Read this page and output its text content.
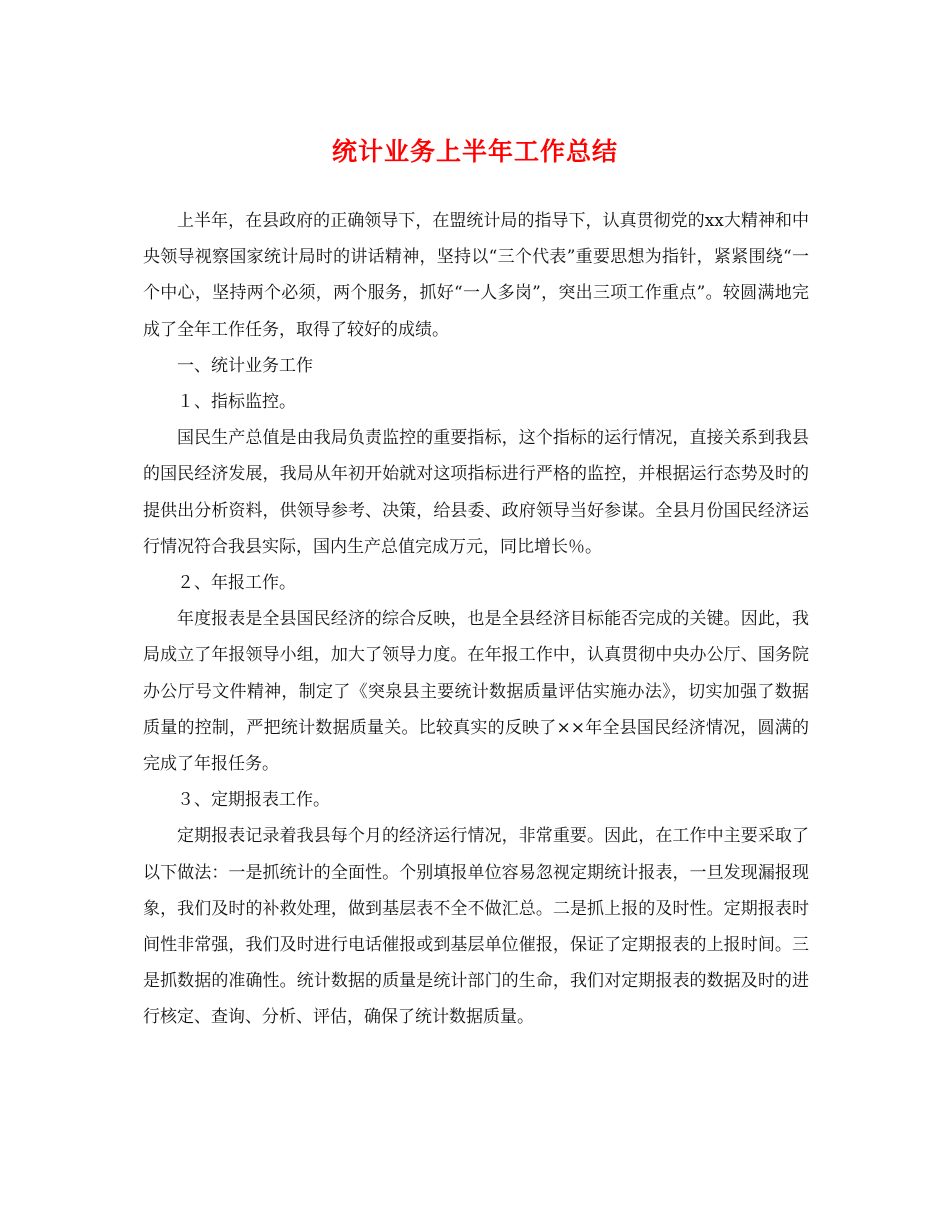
统计业务上半年工作总结

上半年，在县政府的正确领导下，在盟统计局的指导下，认真贯彻党的xx大精神和中央领导视察国家统计局时的讲话精神，坚持以“三个代表”重要思想为指针，紧紧围绕“一个中心，坚持两个必须，两个服务，抓好“一人多岗”，突出三项工作重点”。较圆满地完成了全年工作任务，取得了较好的成绩。

一、统计业务工作

１、指标监控。

国民生产总值是由我局负责监控的重要指标，这个指标的运行情况，直接关系到我县的国民经济发展，我局从年初开始就对这项指标进行严格的监控，并根据运行态势及时的提供出分析资料，供领导参考、决策，给县委、政府领导当好参谋。全县月份国民经济运行情况符合我县实际，国内生产总值完成万元，同比增长％。

２、年报工作。

年度报表是全县国民经济的综合反映，也是全县经济目标能否完成的关键。因此，我局成立了年报领导小组，加大了领导力度。在年报工作中，认真贯彻中央办公厅、国务院办公厅号文件精神，制定了《突泉县主要统计数据质量评估实施办法》，切实加强了数据质量的控制，严把统计数据质量关。比较真实的反映了××年全县国民经济情况，圆满的完成了年报任务。

３、定期报表工作。

定期报表记录着我县每个月的经济运行情况，非常重要。因此，在工作中主要采取了以下做法：一是抓统计的全面性。个别填报单位容易忽视定期统计报表，一旦发现漏报现象，我们及时的补救处理，做到基层表不全不做汇总。二是抓上报的及时性。定期报表时间性非常强，我们及时进行电话催报或到基层单位催报，保证了定期报表的上报时间。三是抓数据的准确性。统计数据的质量是统计部门的生命，我们对定期报表的数据及时的进行核定、查询、分析、评估，确保了统计数据质量。
